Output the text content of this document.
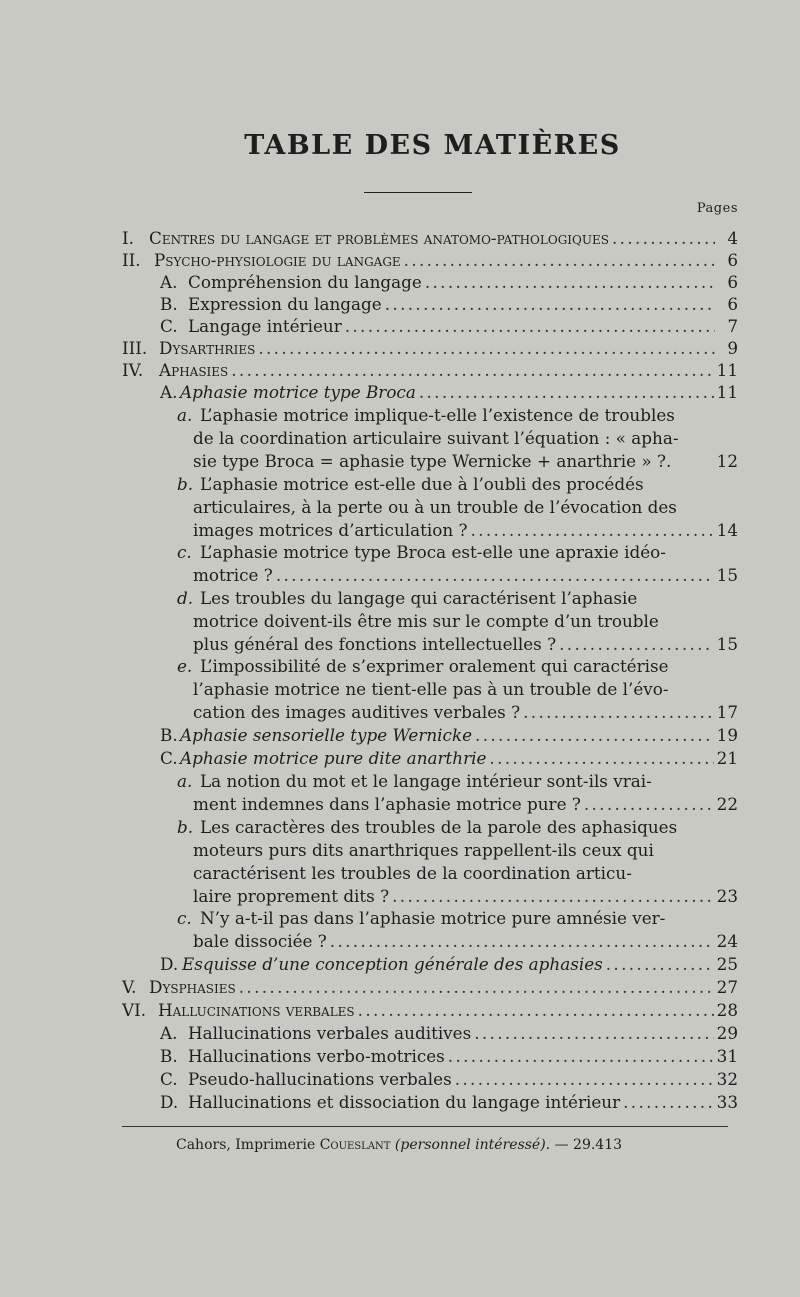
TABLE DES MATIÈRES
Pages
I. Centres du langage et problèmes anatomo-pathologiques . . .	4
II. Psycho-physiologie du langage . . .	6
A. Compréhension du langage . . .	6
B. Expression du langage . . .	6
C. Langage intérieur . . .	7
III. Dysarthries . . .	9
IV. Aphasies . . .	11
A. Aphasie motrice type Broca . . .	11
a. L’aphasie motrice implique-t-elle l’existence de troubles
de la coordination articulaire suivant l’équation : « apha-
sie type Broca = aphasie type Wernicke + anarthrie » ?.	12
b. L’aphasie motrice est-elle due à l’oubli des procédés
articulaires, à la perte ou à un trouble de l’évocation des
images motrices d’articulation ? . . .	14
c. L’aphasie motrice type Broca est-elle une apraxie idéo-
motrice ? . . .	15
d. Les troubles du langage qui caractérisent l’aphasie
motrice doivent-ils être mis sur le compte d’un trouble
plus général des fonctions intellectuelles ? . . .	15
e. L’impossibilité de s’exprimer oralement qui caractérise
l’aphasie motrice ne tient-elle pas à un trouble de l’évo-
cation des images auditives verbales ? . . .	17
B. Aphasie sensorielle type Wernicke . . .	19
C. Aphasie motrice pure dite anarthrie . . .	21
a. La notion du mot et le langage intérieur sont-ils vrai-
ment indemnes dans l’aphasie motrice pure ? . . .	22
b. Les caractères des troubles de la parole des aphasiques
moteurs purs dits anarthriques rappellent-ils ceux qui
caractérisent les troubles de la coordination articu-
laire proprement dits ? . . .	23
c. N’y a-t-il pas dans l’aphasie motrice pure amnésie ver-
bale dissociée ? . . .	24
D. Esquisse d’une conception générale des aphasies . . .	25
V. Dysphasies . . .	27
VI. Hallucinations verbales . . .	28
A. Hallucinations verbales auditives . . .	29
B. Hallucinations verbo-motrices . . .	31
C. Pseudo-hallucinations verbales . . .	32
D. Hallucinations et dissociation du langage intérieur . . .	33
Cahors, Imprimerie Coueslant (personnel intéressé). — 29.413
